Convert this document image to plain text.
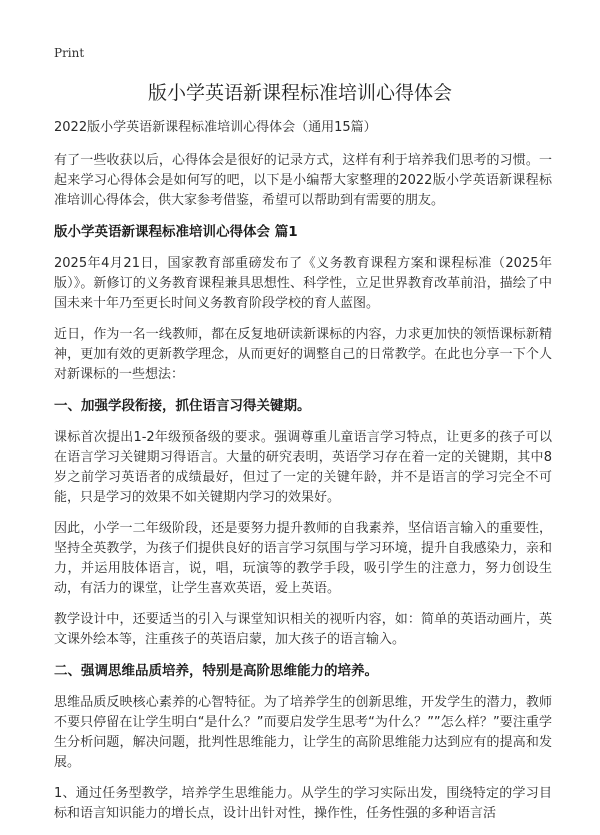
Print
版小学英语新课程标准培训心得体会
2022版小学英语新课程标准培训心得体会（通用15篇）

有了一些收获以后，心得体会是很好的记录方式，这样有利于培养我们思考的习惯。一起来学习心得体会是如何写的吧，以下是小编帮大家整理的2022版小学英语新课程标准培训心得体会，供大家参考借鉴，希望可以帮助到有需要的朋友。

版小学英语新课程标准培训心得体会 篇1

2025年4月21日，国家教育部重磅发布了《义务教育课程方案和课程标准（2025年版）》。新修订的义务教育课程兼具思想性、科学性，立足世界教育改革前沿，描绘了中国未来十年乃至更长时间义务教育阶段学校的育人蓝图。

近日，作为一名一线教师，都在反复地研读新课标的内容，力求更加快的领悟课标新精神，更加有效的更新教学理念，从而更好的调整自己的日常教学。在此也分享一下个人对新课标的一些想法：

一、加强学段衔接，抓住语言习得关键期。

课标首次提出1-2年级预备级的要求。强调尊重儿童语言学习特点，让更多的孩子可以在语言学习关键期习得语言。大量的研究表明，英语学习存在着一定的关键期，其中8岁之前学习英语者的成绩最好，但过了一定的关键年龄，并不是语言的学习完全不可能，只是学习的效果不如关键期内学习的效果好。

因此，小学一二年级阶段，还是要努力提升教师的自我素养，坚信语言输入的重要性，坚持全英教学，为孩子们提供良好的语言学习氛围与学习环境，提升自我感染力，亲和力，并运用肢体语言，说，唱，玩演等的教学手段，吸引学生的注意力，努力创设生动，有活力的课堂，让学生喜欢英语，爱上英语。

教学设计中，还要适当的引入与课堂知识相关的视听内容，如：简单的英语动画片，英文课外绘本等，注重孩子的英语启蒙，加大孩子的语言输入。

二、强调思维品质培养，特别是高阶思维能力的培养。

思维品质反映核心素养的心智特征。为了培养学生的创新思维，开发学生的潜力，教师不要只停留在让学生明白“是什么？”而要启发学生思考“为什么？””怎么样？”要注重学生分析问题，解决问题，批判性思维能力，让学生的高阶思维能力达到应有的提高和发展。

1、通过任务型教学，培养学生思维能力。从学生的学习实际出发，围绕特定的学习目标和语言知识能力的增长点，设计出针对性，操作性，任务性强的多种语言活
